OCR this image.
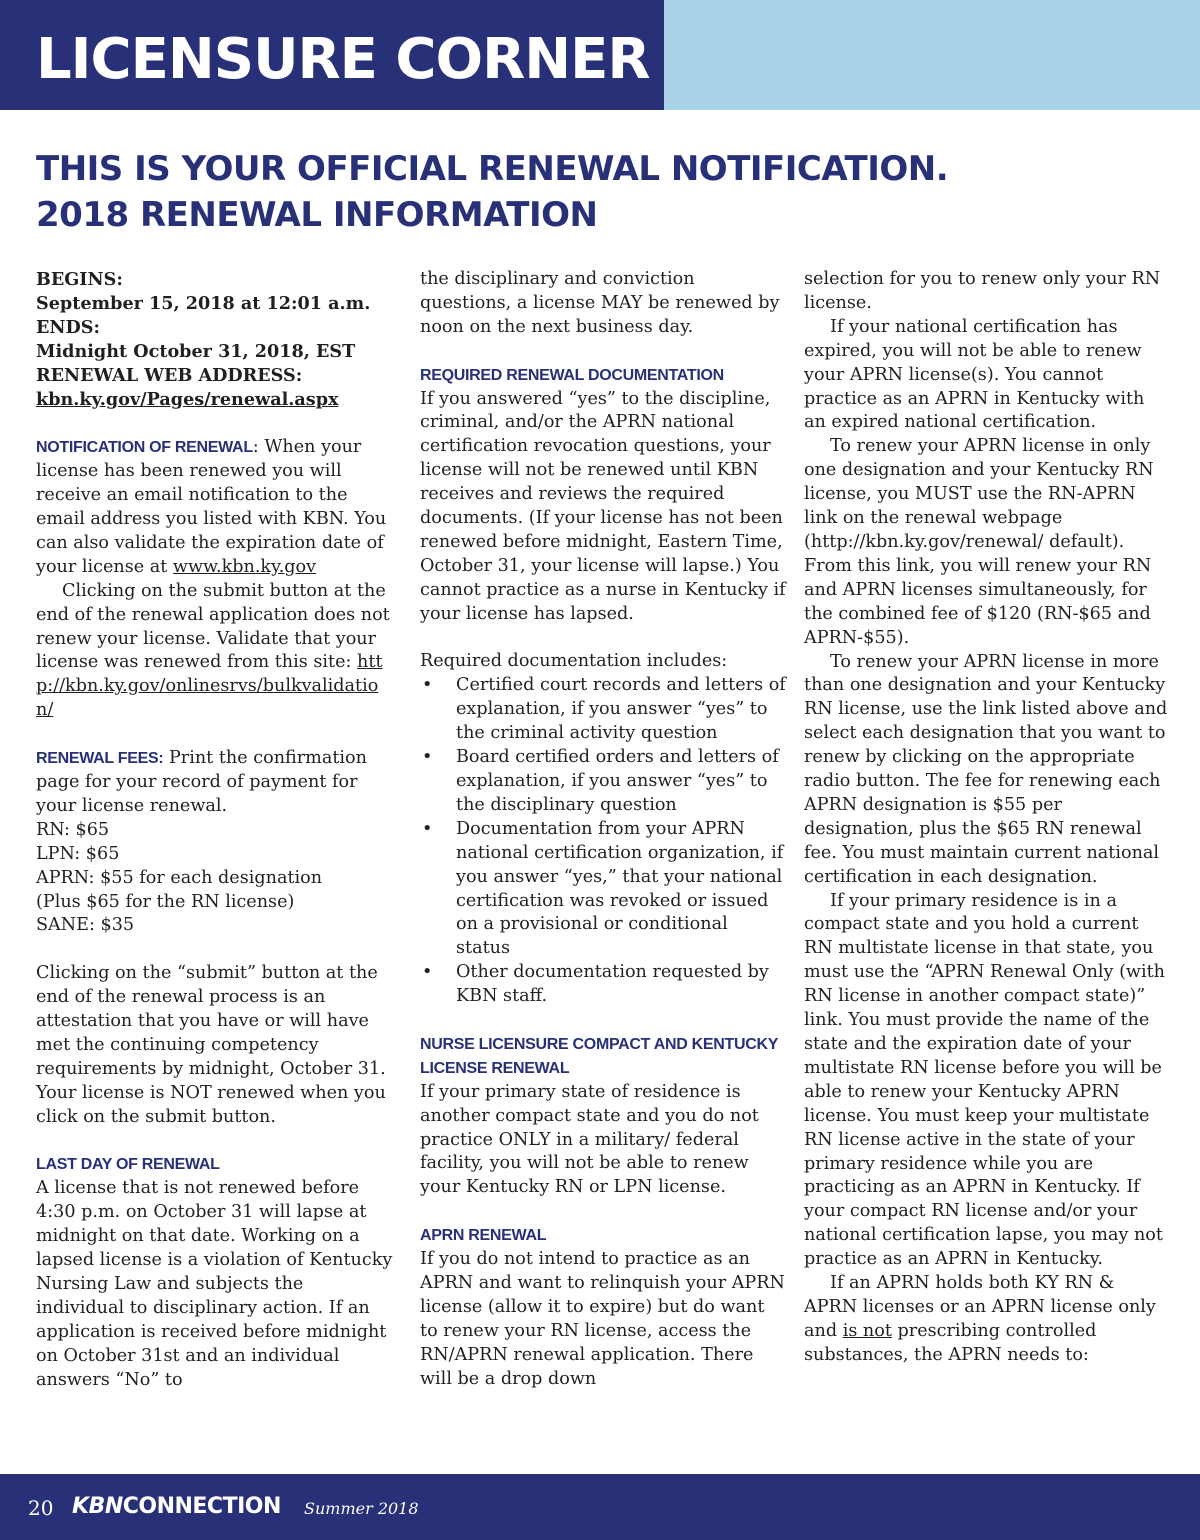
LICENSURE CORNER
THIS IS YOUR OFFICIAL RENEWAL NOTIFICATION.
2018 RENEWAL INFORMATION

BEGINS:

September 15, 2018 at 12:01 a.m.

ENDS:

Midnight October 31, 2018, EST

RENEWAL WEB ADDRESS:

kbn.ky.gov/Pages/renewal.aspx

NOTIFICATION OF RENEWAL: When your license has been renewed you will receive an email notification to the email address you listed with KBN. You can also validate the expiration date of your license at www.kbn.ky.gov

Clicking on the submit button at the end of the renewal application does not renew your license. Validate that your license was renewed from this site: http://kbn.ky.gov/onlinesrvs/bulkvalidation/

RENEWAL FEES: Print the confirmation page for your record of payment for your license renewal.

RN: $65

LPN: $65

APRN: $55 for each designation

(Plus $65 for the RN license)

SANE: $35

Clicking on the “submit” button at the end of the renewal process is an attestation that you have or will have met the continuing competency requirements by midnight, October 31. Your license is NOT renewed when you click on the submit button.

LAST DAY OF RENEWAL

A license that is not renewed before 4:30 p.m. on October 31 will lapse at midnight on that date. Working on a lapsed license is a violation of Kentucky Nursing Law and subjects the individual to disciplinary action. If an application is received before midnight on October 31st and an individual answers “No” to

the disciplinary and conviction questions, a license MAY be renewed by noon on the next business day.

REQUIRED RENEWAL DOCUMENTATION

If you answered “yes” to the discipline, criminal, and/or the APRN national certification revocation questions, your license will not be renewed until KBN receives and reviews the required documents. (If your license has not been renewed before midnight, Eastern Time, October 31, your license will lapse.) You cannot practice as a nurse in Kentucky if your license has lapsed.

Required documentation includes:

• Certified court records and letters of explanation, if you answer “yes” to the criminal activity question
• Board certified orders and letters of explanation, if you answer “yes” to the disciplinary question
• Documentation from your APRN national certification organization, if you answer “yes,” that your national certification was revoked or issued on a provisional or conditional status
• Other documentation requested by KBN staff.

NURSE LICENSURE COMPACT AND KENTUCKY LICENSE RENEWAL

If your primary state of residence is another compact state and you do not practice ONLY in a military/ federal facility, you will not be able to renew your Kentucky RN or LPN license.

APRN RENEWAL

If you do not intend to practice as an APRN and want to relinquish your APRN license (allow it to expire) but do want to renew your RN license, access the RN/APRN renewal application. There will be a drop down

selection for you to renew only your RN license.

If your national certification has expired, you will not be able to renew your APRN license(s). You cannot practice as an APRN in Kentucky with an expired national certification.

To renew your APRN license in only one designation and your Kentucky RN license, you MUST use the RN-APRN link on the renewal webpage (http://kbn.ky.gov/renewal/ default). From this link, you will renew your RN and APRN licenses simultaneously, for the combined fee of $120 (RN-$65 and APRN-$55).

To renew your APRN license in more than one designation and your Kentucky RN license, use the link listed above and select each designation that you want to renew by clicking on the appropriate radio button. The fee for renewing each APRN designation is $55 per designation, plus the $65 RN renewal fee. You must maintain current national certification in each designation.

If your primary residence is in a compact state and you hold a current RN multistate license in that state, you must use the “APRN Renewal Only (with RN license in another compact state)” link. You must provide the name of the state and the expiration date of your multistate RN license before you will be able to renew your Kentucky APRN license. You must keep your multistate RN license active in the state of your primary residence while you are practicing as an APRN in Kentucky. If your compact RN license and/or your national certification lapse, you may not practice as an APRN in Kentucky.

If an APRN holds both KY RN & APRN licenses or an APRN license only and is not prescribing controlled substances, the APRN needs to:

20 KBNCONNECTION Summer 2018
